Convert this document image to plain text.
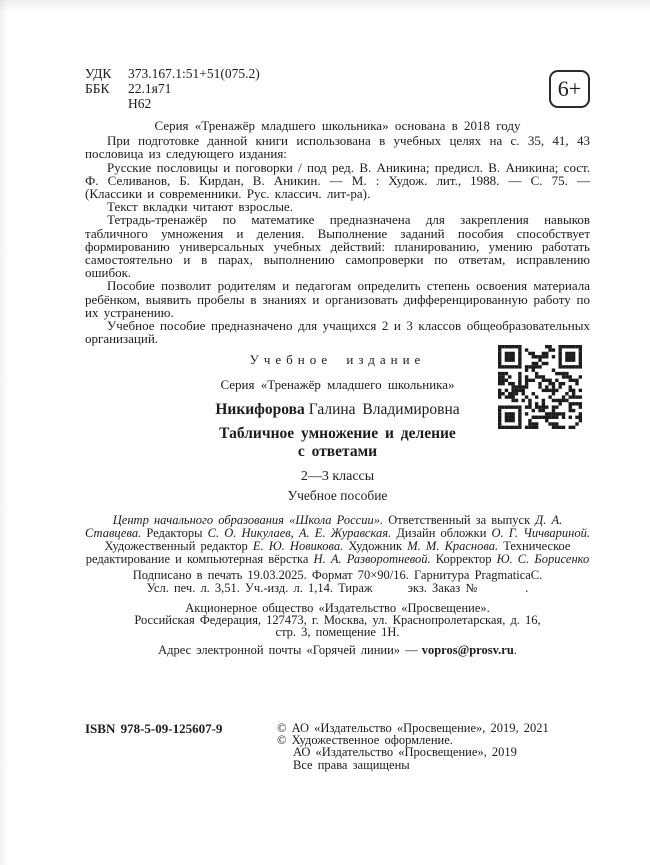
УДК	373.167.1:51+51(075.2)
ББК	22.1я71
Н62
6+
Серия «Тренажёр младшего школьника» основана в 2018 году

При подготовке данной книги использована в учебных целях на с. 35, 41, 43 пословица из следующего издания:

Русские пословицы и поговорки / под ред. В. Аникина; предисл. В. Аникина; сост. Ф. Селиванов, Б. Кирдан, В. Аникин. — М. : Худож. лит., 1988. — С. 75. — (Классики и современники. Рус. классич. лит-ра).

Текст вкладки читают взрослые.

Тетрадь-тренажёр по математике предназначена для закрепления навыков табличного умножения и деления. Выполнение заданий пособия способствует формированию универсальных учебных действий: планированию, умению работать самостоятельно и в парах, выполнению самопроверки по ответам, исправлению ошибок.

Пособие позволит родителям и педагогам определить степень освоения материала ребёнком, выявить пробелы в знаниях и организовать дифференцированную работу по их устранению.

Учебное пособие предназначено для учащихся 2 и 3 классов общеобразовательных организаций.

Учебное издание
Серия «Тренажёр младшего школьника»
Никифорова Галина Владимировна
Табличное умножение и деление
с ответами
2—3 классы
Учебное пособие
Центр начального образования «Школа России». Ответственный за выпуск Д. А. Ставцева. Редакторы С. О. Никулаев, А. Е. Журавская. Дизайн обложки О. Г. Чичвариной. Художественный редактор Е. Ю. Новикова. Художник М. М. Краснова. Техническое редактирование и компьютерная вёрстка Н. А. Разворотневой. Корректор Ю. С. Борисенко
Подписано в печать 19.03.2025. Формат 70×90/16. Гарнитура PragmaticaC.
Усл. печ. л. 3,51. Уч.-изд. л. 1,14. Тираж	экз. Заказ №	.
Акционерное общество «Издательство «Просвещение».
Российская Федерация, 127473, г. Москва, ул. Краснопролетарская, д. 16,
стр. 3, помещение 1Н.
Адрес электронной почты «Горячей линии» — vopros@prosv.ru.
ISBN 978-5-09-125607-9	© АО «Издательство «Просвещение», 2019, 2021
© Художественное оформление.
АО «Издательство «Просвещение», 2019
Все права защищены
